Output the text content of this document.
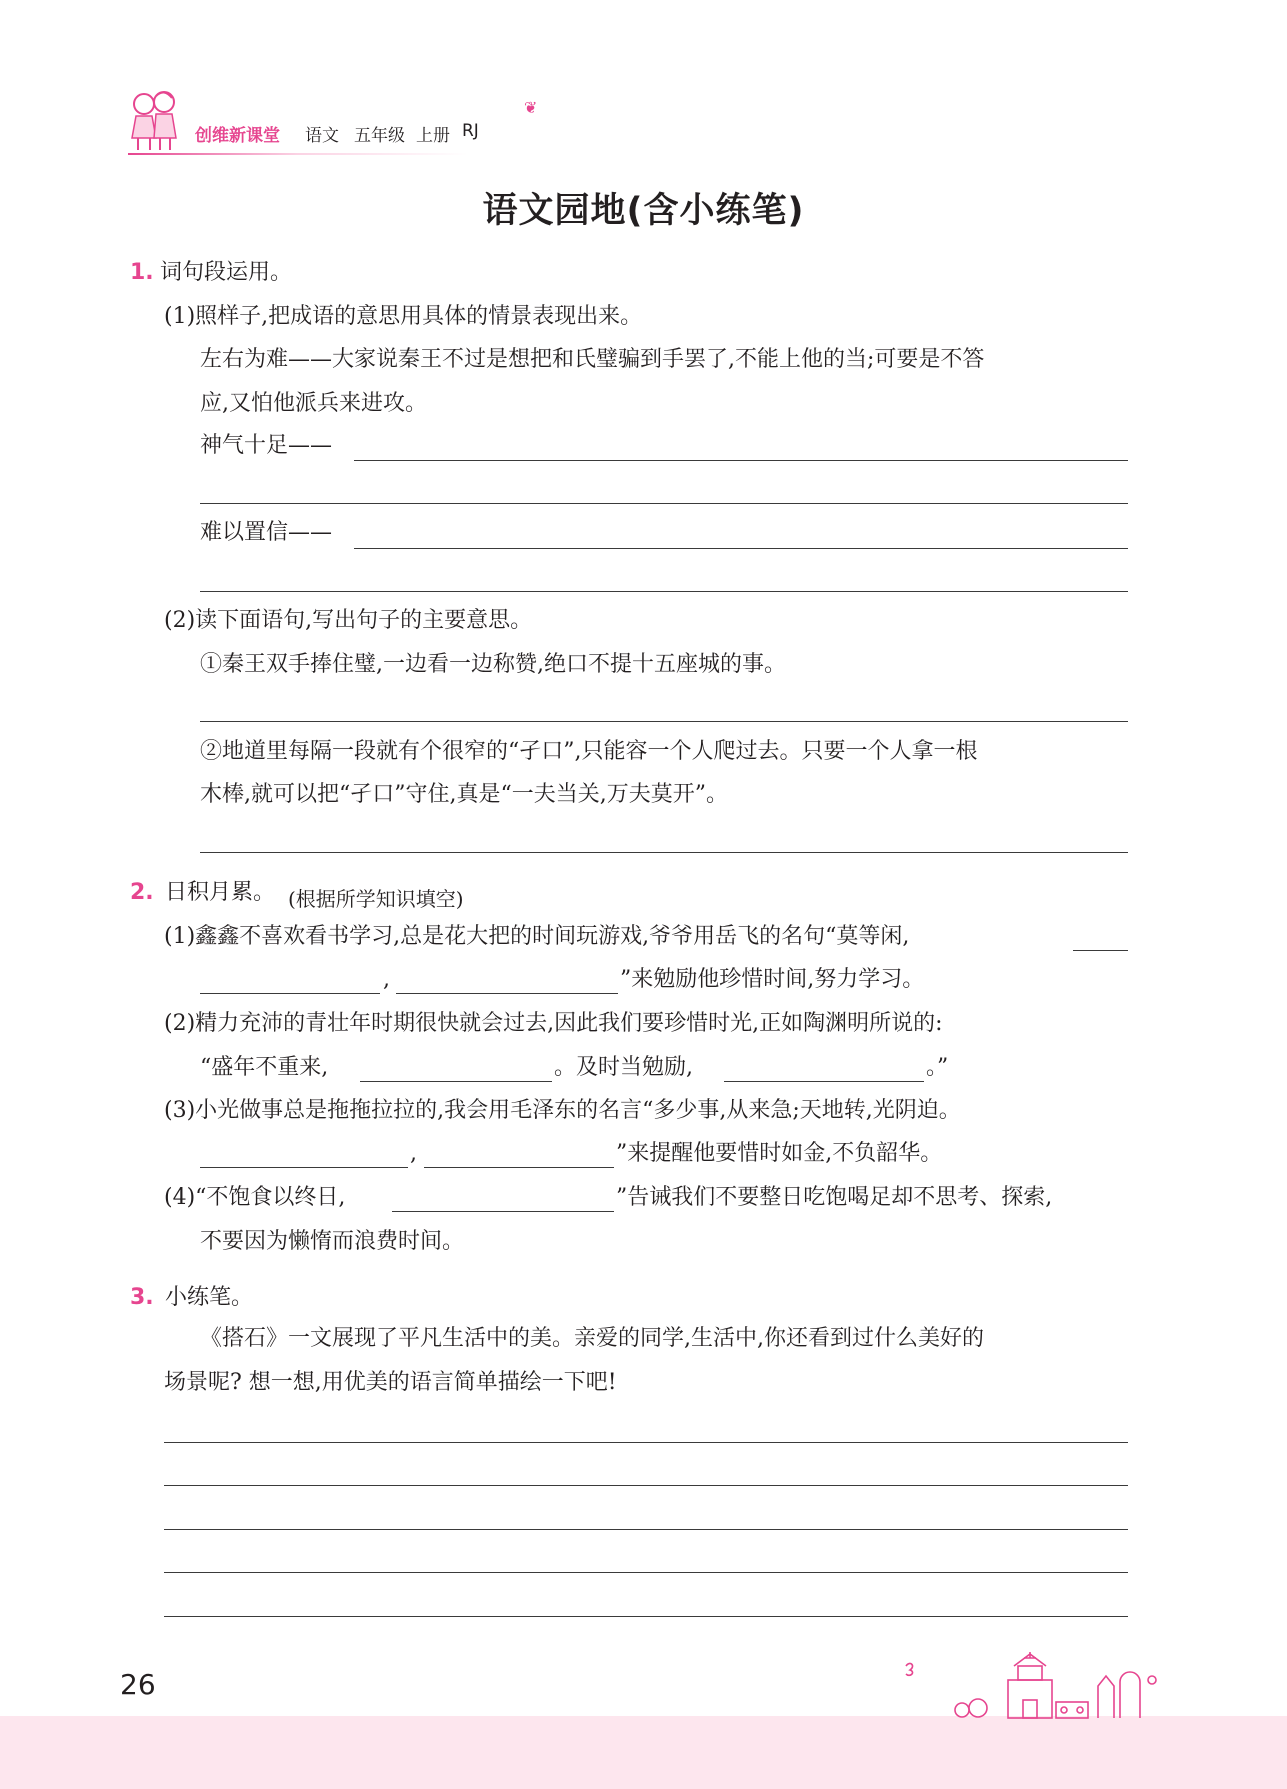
创维新课堂 语文 五年级 上册 RJ
❦
语文园地(含小练笔)
1. 词句段运用。
(1)照样子,把成语的意思用具体的情景表现出来。
左右为难——大家说秦王不过是想把和氏璧骗到手罢了,不能上他的当;可要是不答
应,又怕他派兵来进攻。
神气十足——
难以置信——
(2)读下面语句,写出句子的主要意思。
①秦王双手捧住璧,一边看一边称赞,绝口不提十五座城的事。
②地道里每隔一段就有个很窄的“孑口”,只能容一个人爬过去。只要一个人拿一根
木棒,就可以把“孑口”守住,真是“一夫当关,万夫莫开”。
2. 日积月累。 (根据所学知识填空)
(1)鑫鑫不喜欢看书学习,总是花大把的时间玩游戏,爷爷用岳飞的名句“莫等闲,
,	”来勉励他珍惜时间,努力学习。
(2)精力充沛的青壮年时期很快就会过去,因此我们要珍惜时光,正如陶渊明所说的:
“盛年不重来,	。及时当勉励,	。”
(3)小光做事总是拖拖拉拉的,我会用毛泽东的名言“多少事,从来急;天地转,光阴迫。
,	”来提醒他要惜时如金,不负韶华。
(4)“不饱食以终日,	”告诫我们不要整日吃饱喝足却不思考、探索,
不要因为懒惰而浪费时间。
3. 小练笔。
《搭石》一文展现了平凡生活中的美。亲爱的同学,生活中,你还看到过什么美好的
场景呢? 想一想,用优美的语言简单描绘一下吧!
26
